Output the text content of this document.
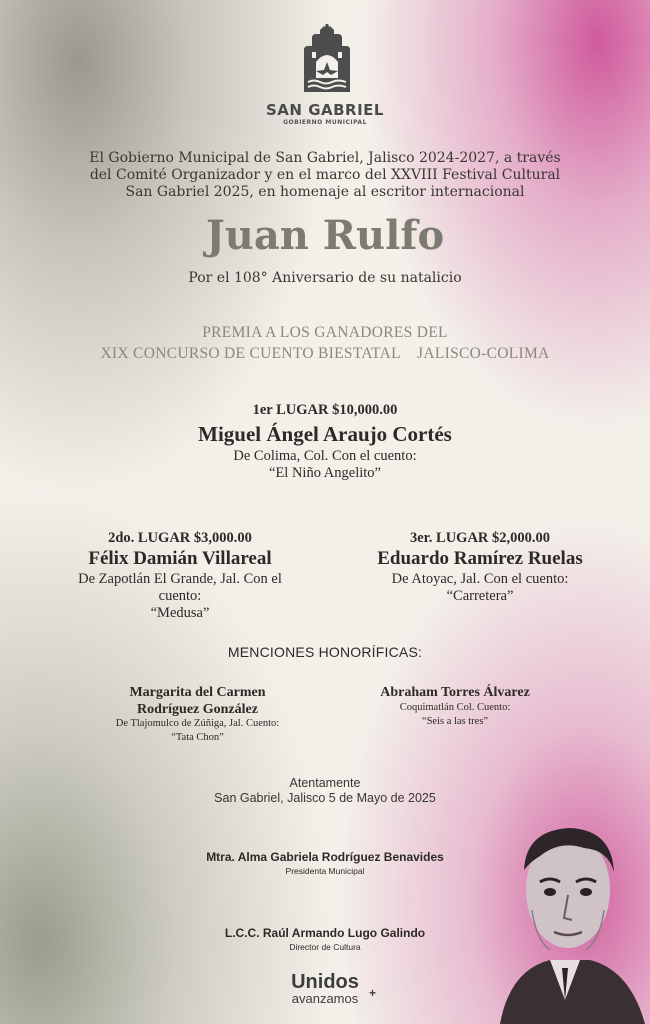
SAN GABRIEL
GOBIERNO MUNICIPAL
El Gobierno Municipal de San Gabriel, Jalisco 2024-2027, a través del Comité Organizador y en el marco del XXVIII Festival Cultural San Gabriel 2025, en homenaje al escritor internacional
Juan Rulfo
Por el 108° Aniversario de su natalicio
PREMIA A LOS GANADORES DEL
XIX CONCURSO DE CUENTO BIESTATAL    JALISCO-COLIMA
1er LUGAR $10,000.00
Miguel Ángel Araujo Cortés
De Colima, Col. Con el cuento:
“El Niño Angelito”
2do. LUGAR $3,000.00
Félix Damián Villareal
De Zapotlán El Grande, Jal. Con el cuento:
“Medusa”
3er. LUGAR $2,000.00
Eduardo Ramírez Ruelas
De Atoyac, Jal. Con el cuento:
“Carretera”
MENCIONES HONORÍFICAS:
Margarita del Carmen
Rodríguez González
De Tlajomulco de Zúñiga, Jal. Cuento:
“Tata Chon”
Abraham Torres Álvarez
Coquimatlán Col. Cuento:
“Seis a las tres”
Atentamente
San Gabriel, Jalisco 5 de Mayo de 2025
Mtra. Alma Gabriela Rodríguez Benavides
Presidenta Municipal
L.C.C. Raúl Armando Lugo Galindo
Director de Cultura
Unidos
avanzamos +
